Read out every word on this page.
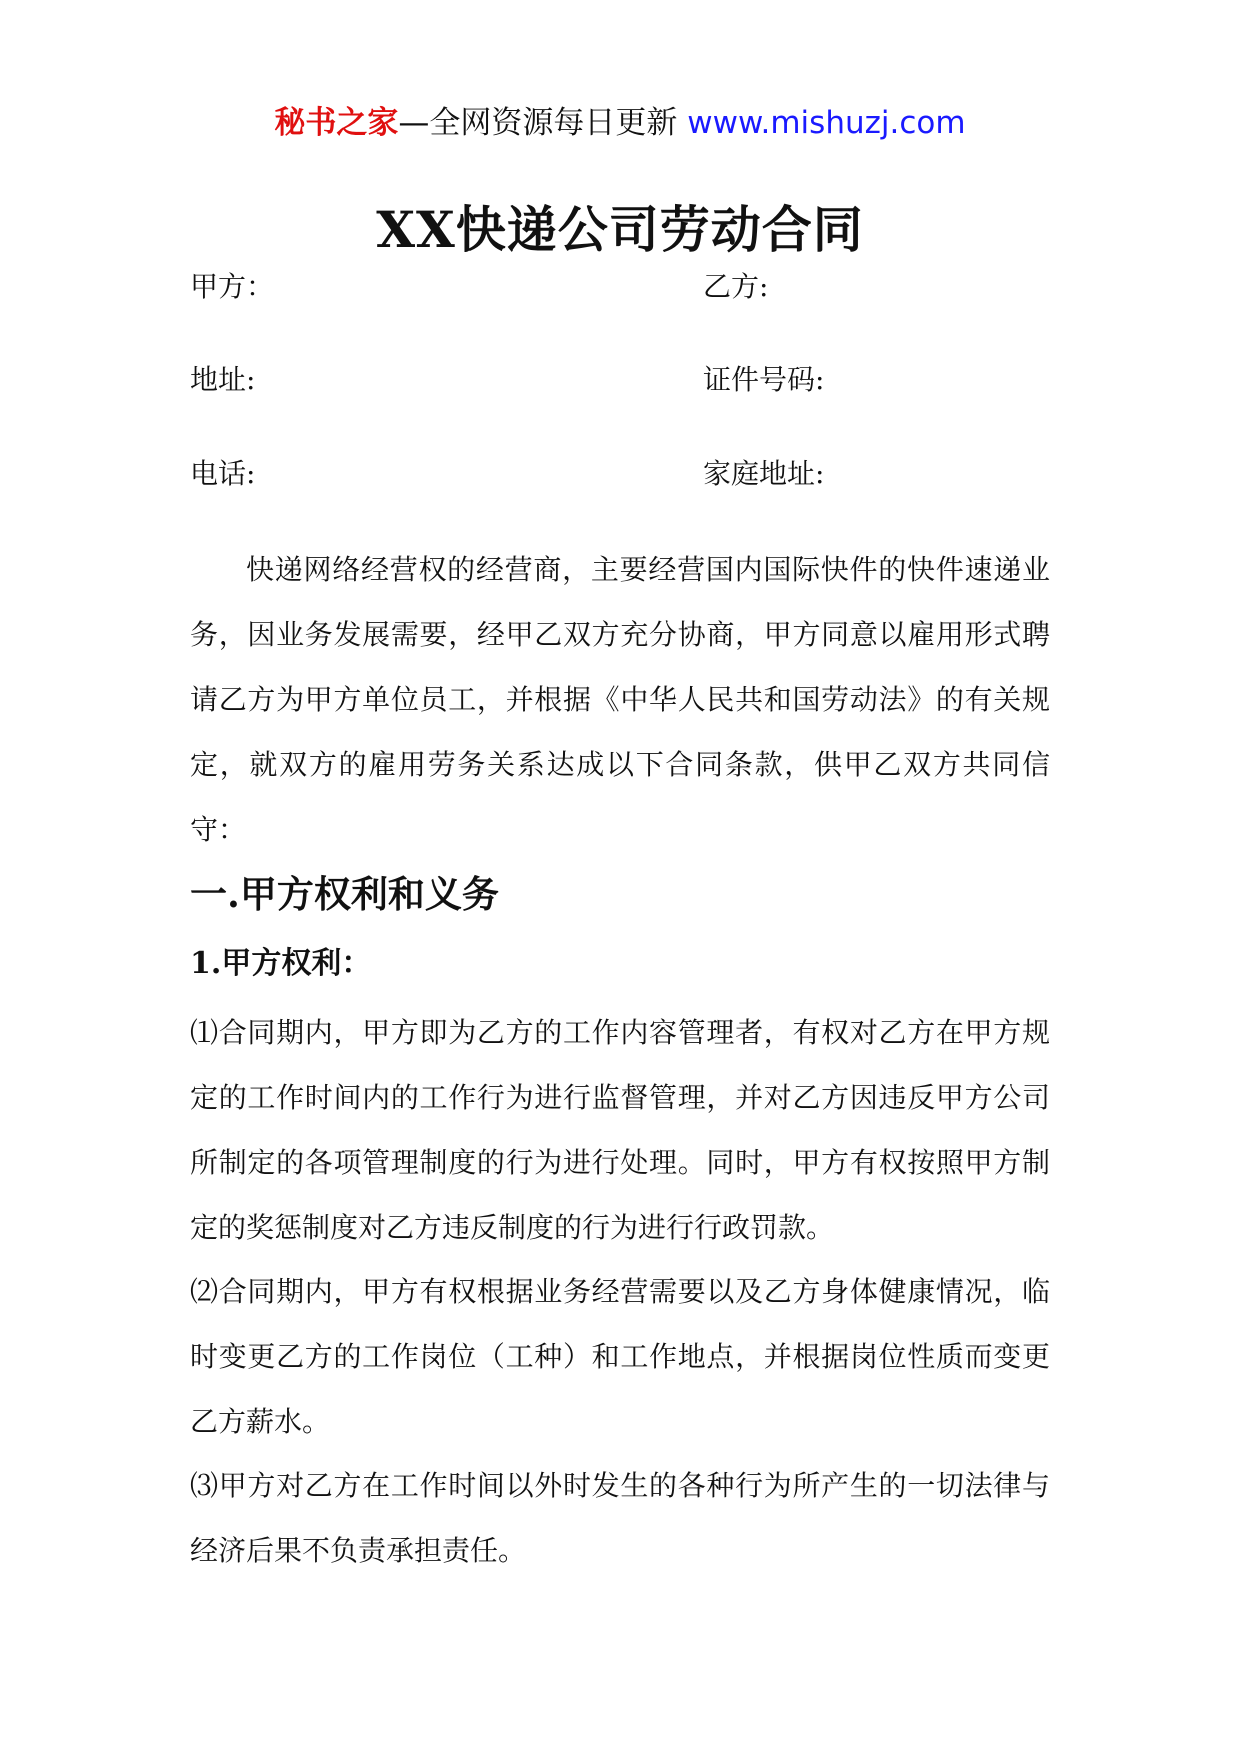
秘书之家—全网资源每日更新 www.mishuzj.com
XX快递公司劳动合同
甲方：	乙方:
地址:	证件号码:
电话:	家庭地址:

快递网络经营权的经营商，主要经营国内国际快件的快件速递业务，因业务发展需要，经甲乙双方充分协商，甲方同意以雇用形式聘请乙方为甲方单位员工，并根据《中华人民共和国劳动法》的有关规定，就双方的雇用劳务关系达成以下合同条款，供甲乙双方共同信守：

一.甲方权利和义务
1.甲方权利：

⑴合同期内，甲方即为乙方的工作内容管理者，有权对乙方在甲方规定的工作时间内的工作行为进行监督管理，并对乙方因违反甲方公司所制定的各项管理制度的行为进行处理。同时，甲方有权按照甲方制定的奖惩制度对乙方违反制度的行为进行行政罚款。

⑵合同期内，甲方有权根据业务经营需要以及乙方身体健康情况，临时变更乙方的工作岗位（工种）和工作地点，并根据岗位性质而变更乙方薪水。

⑶甲方对乙方在工作时间以外时发生的各种行为所产生的一切法律与经济后果不负责承担责任。
